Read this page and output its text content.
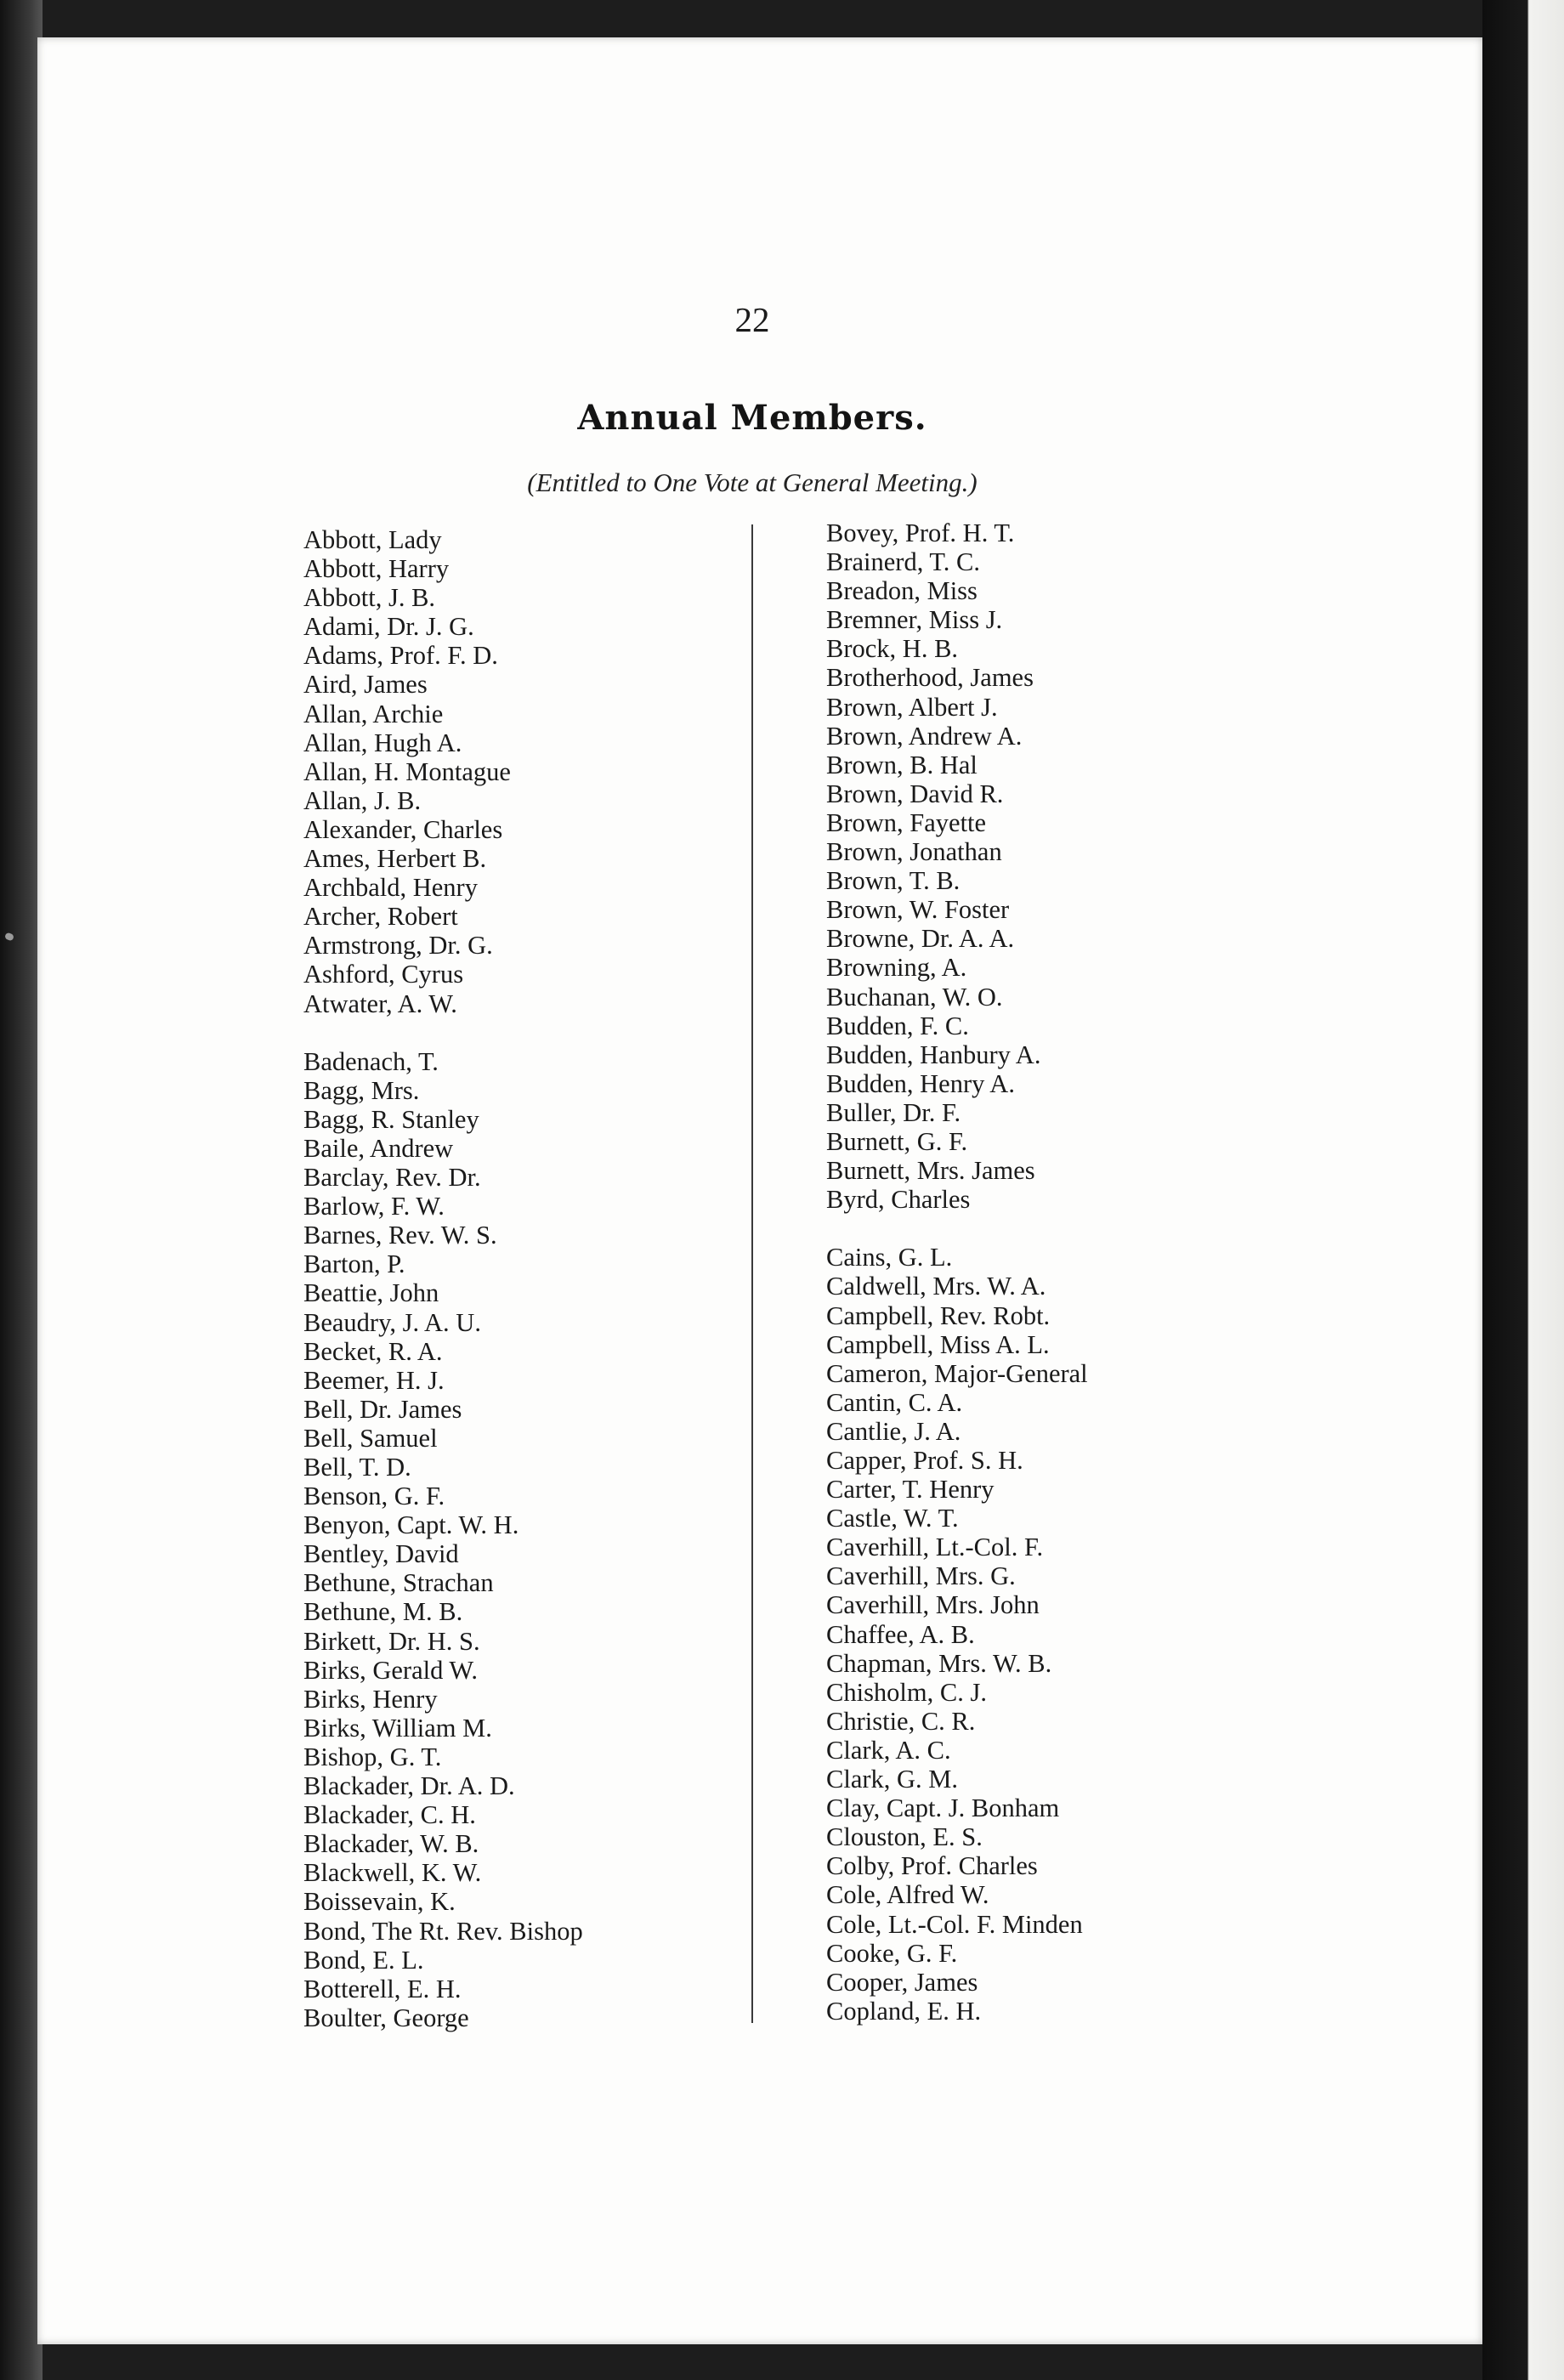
22
Annual Members.
(Entitled to One Vote at General Meeting.)
Abbott, Lady
Abbott, Harry
Abbott, J. B.
Adami, Dr. J. G.
Adams, Prof. F. D.
Aird, James
Allan, Archie
Allan, Hugh A.
Allan, H. Montague
Allan, J. B.
Alexander, Charles
Ames, Herbert B.
Archbald, Henry
Archer, Robert
Armstrong, Dr. G.
Ashford, Cyrus
Atwater, A. W.
Badenach, T.
Bagg, Mrs.
Bagg, R. Stanley
Baile, Andrew
Barclay, Rev. Dr.
Barlow, F. W.
Barnes, Rev. W. S.
Barton, P.
Beattie, John
Beaudry, J. A. U.
Becket, R. A.
Beemer, H. J.
Bell, Dr. James
Bell, Samuel
Bell, T. D.
Benson, G. F.
Benyon, Capt. W. H.
Bentley, David
Bethune, Strachan
Bethune, M. B.
Birkett, Dr. H. S.
Birks, Gerald W.
Birks, Henry
Birks, William M.
Bishop, G. T.
Blackader, Dr. A. D.
Blackader, C. H.
Blackader, W. B.
Blackwell, K. W.
Boissevain, K.
Bond, The Rt. Rev. Bishop
Bond, E. L.
Botterell, E. H.
Boulter, George
Bovey, Prof. H. T.
Brainerd, T. C.
Breadon, Miss
Bremner, Miss J.
Brock, H. B.
Brotherhood, James
Brown, Albert J.
Brown, Andrew A.
Brown, B. Hal
Brown, David R.
Brown, Fayette
Brown, Jonathan
Brown, T. B.
Brown, W. Foster
Browne, Dr. A. A.
Browning, A.
Buchanan, W. O.
Budden, F. C.
Budden, Hanbury A.
Budden, Henry A.
Buller, Dr. F.
Burnett, G. F.
Burnett, Mrs. James
Byrd, Charles
Cains, G. L.
Caldwell, Mrs. W. A.
Campbell, Rev. Robt.
Campbell, Miss A. L.
Cameron, Major-General
Cantin, C. A.
Cantlie, J. A.
Capper, Prof. S. H.
Carter, T. Henry
Castle, W. T.
Caverhill, Lt.-Col. F.
Caverhill, Mrs. G.
Caverhill, Mrs. John
Chaffee, A. B.
Chapman, Mrs. W. B.
Chisholm, C. J.
Christie, C. R.
Clark, A. C.
Clark, G. M.
Clay, Capt. J. Bonham
Clouston, E. S.
Colby, Prof. Charles
Cole, Alfred W.
Cole, Lt.-Col. F. Minden
Cooke, G. F.
Cooper, James
Copland, E. H.
